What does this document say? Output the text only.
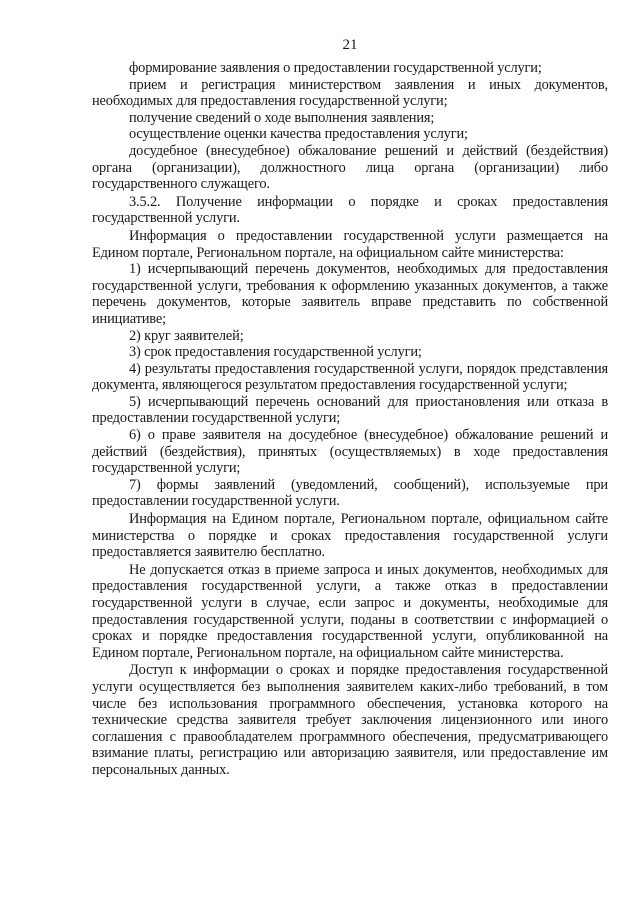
21

формирование заявления о предоставлении государственной услуги;

прием и регистрация министерством заявления и иных документов, необходимых для предоставления государственной услуги;

получение сведений о ходе выполнения заявления;

осуществление оценки качества предоставления услуги;

досудебное (внесудебное) обжалование решений и действий (бездействия) органа (организации), должностного лица органа (организации) либо государственного служащего.

3.5.2. Получение информации о порядке и сроках предоставления государственной услуги.

Информация о предоставлении государственной услуги размещается на Едином портале, Региональном портале, на официальном сайте министерства:

1) исчерпывающий перечень документов, необходимых для предоставления государственной услуги, требования к оформлению указанных документов, а также перечень документов, которые заявитель вправе представить по собственной инициативе;

2) круг заявителей;

3) срок предоставления государственной услуги;

4) результаты предоставления государственной услуги, порядок представления документа, являющегося результатом предоставления государственной услуги;

5) исчерпывающий перечень оснований для приостановления или отказа в предоставлении государственной услуги;

6) о праве заявителя на досудебное (внесудебное) обжалование решений и действий (бездействия), принятых (осуществляемых) в ходе предоставления государственной услуги;

7) формы заявлений (уведомлений, сообщений), используемые при предоставлении государственной услуги.

Информация на Едином портале, Региональном портале, официальном сайте министерства о порядке и сроках предоставления государственной услуги предоставляется заявителю бесплатно.

Не допускается отказ в приеме запроса и иных документов, необходимых для предоставления государственной услуги, а также отказ в предоставлении государственной услуги в случае, если запрос и документы, необходимые для предоставления государственной услуги, поданы в соответствии с информацией о сроках и порядке предоставления государственной услуги, опубликованной на Едином портале, Региональном портале, на официальном сайте министерства.

Доступ к информации о сроках и порядке предоставления государственной услуги осуществляется без выполнения заявителем каких-либо требований, в том числе без использования программного обеспечения, установка которого на технические средства заявителя требует заключения лицензионного или иного соглашения с правообладателем программного обеспечения, предусматривающего взимание платы, регистрацию или авторизацию заявителя, или предоставление им персональных данных.
